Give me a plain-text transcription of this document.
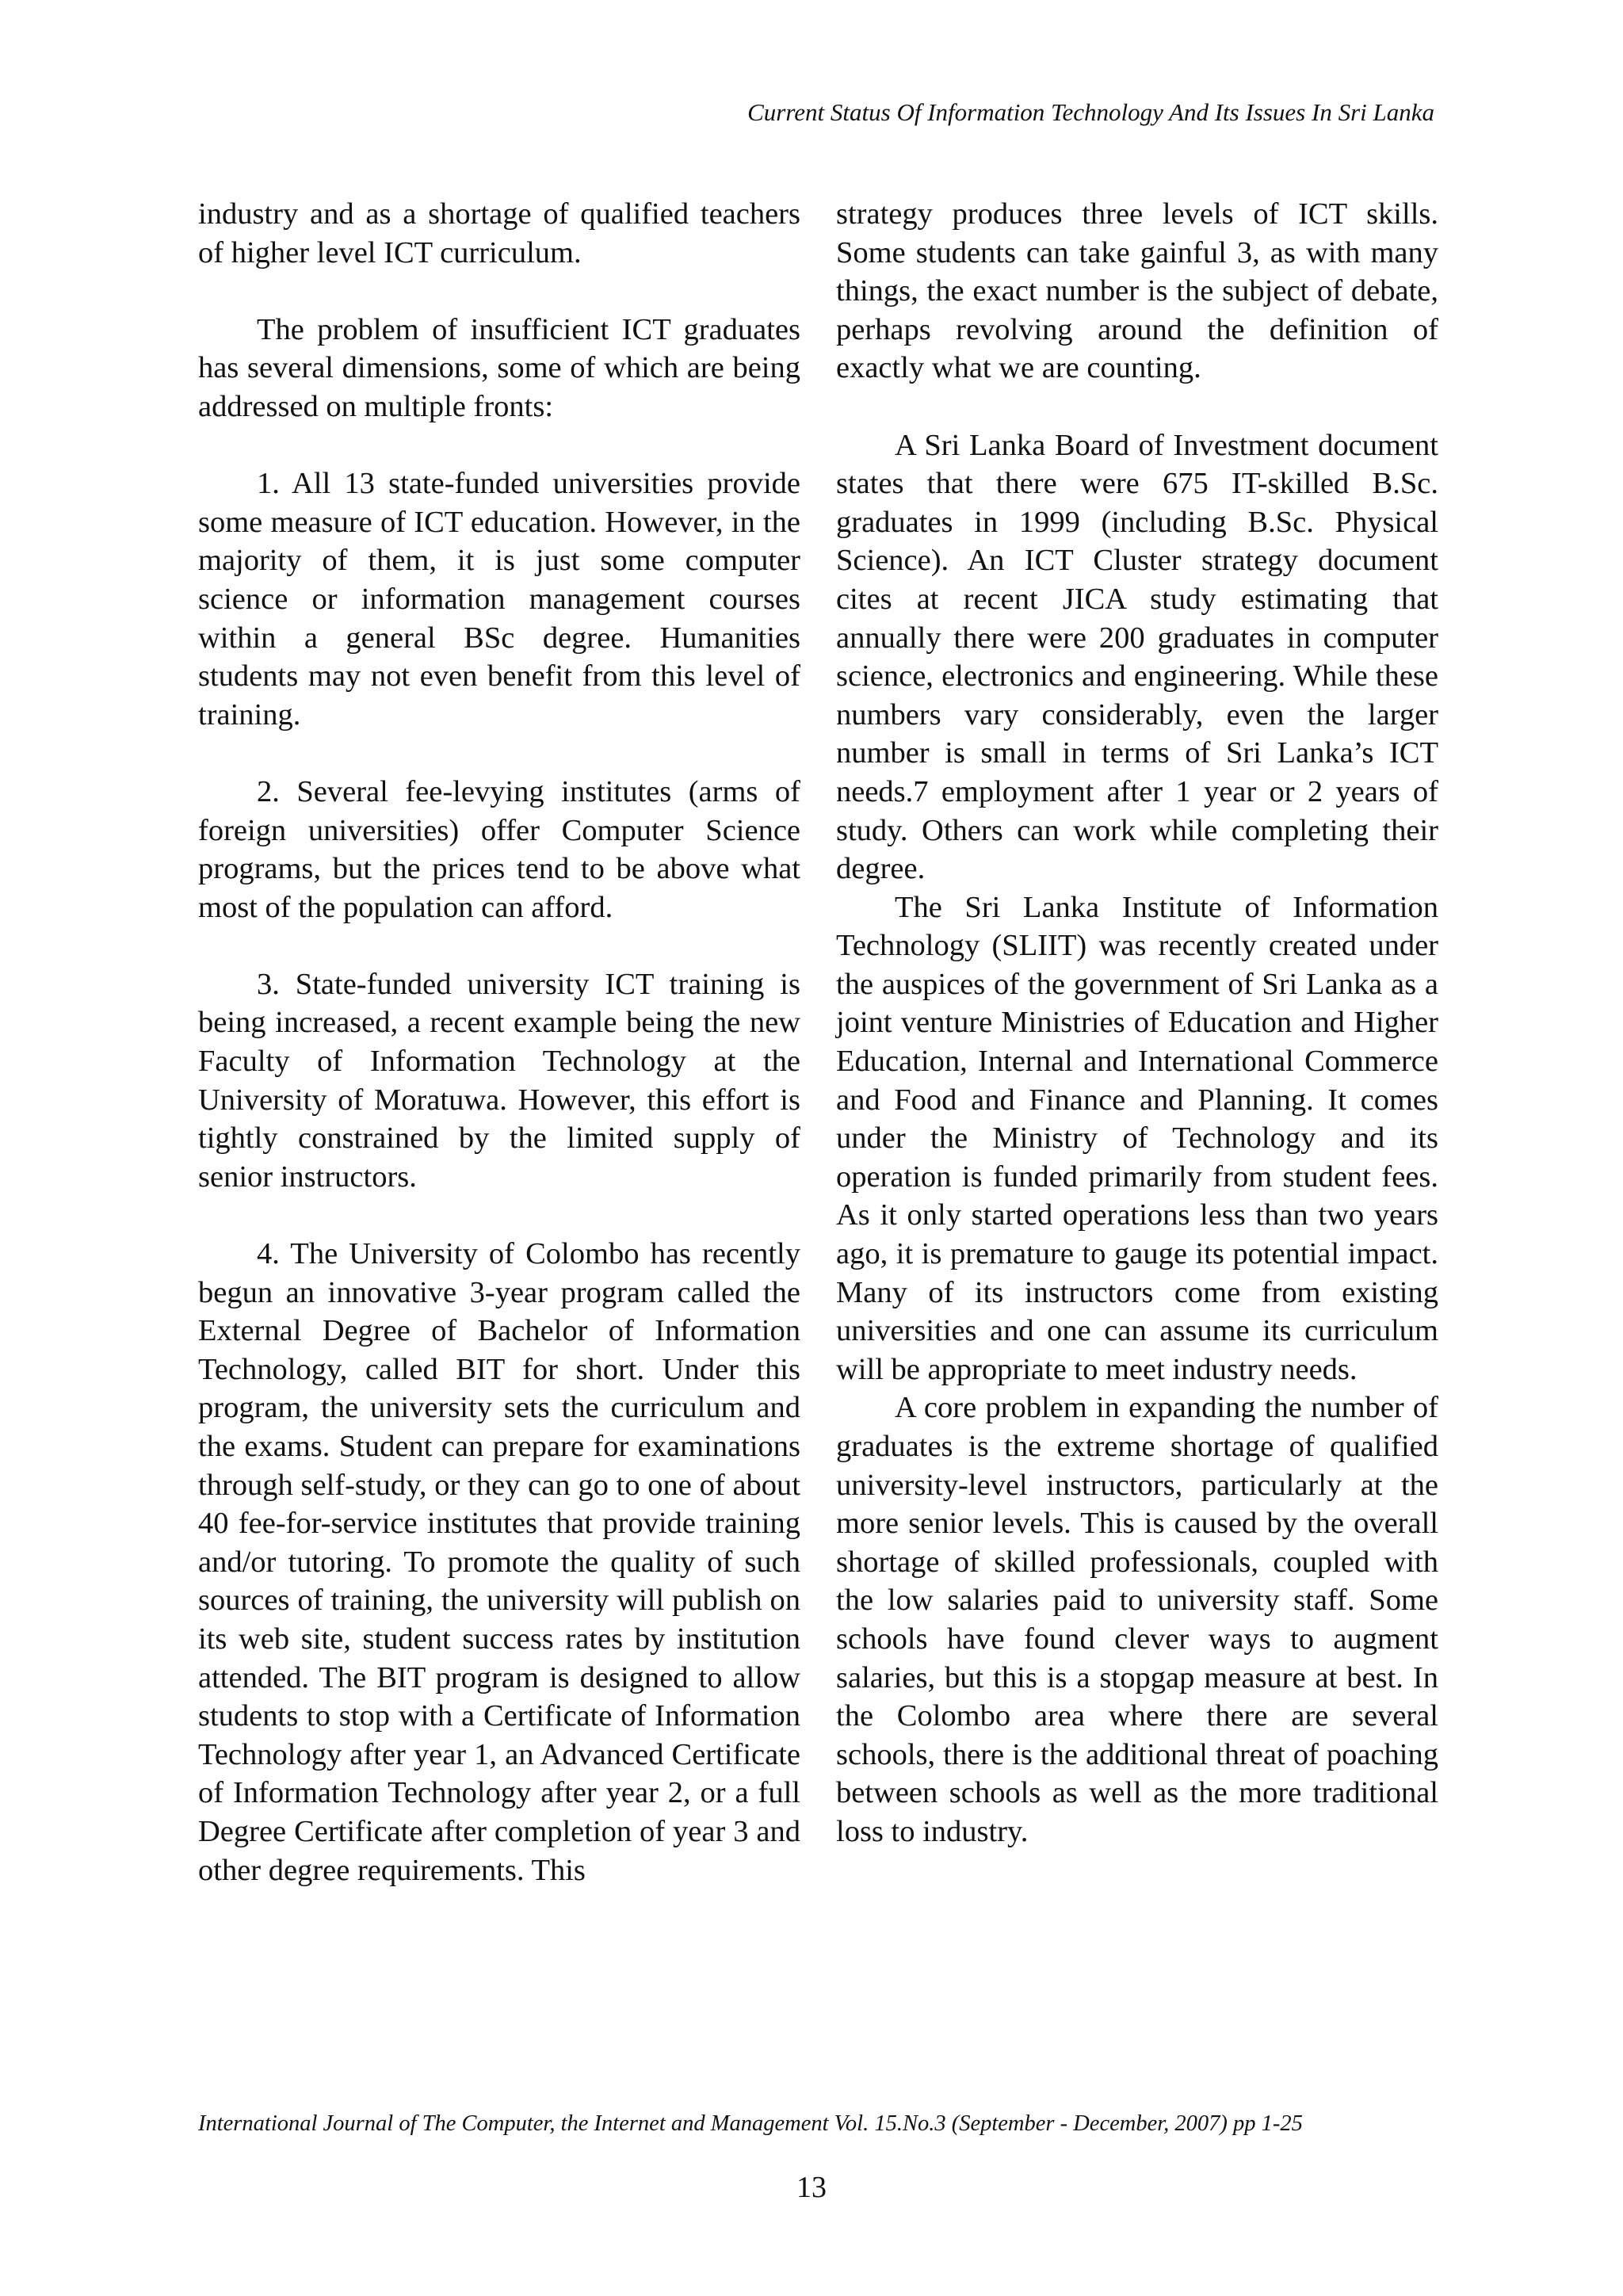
Current Status Of Information Technology And Its Issues In Sri Lanka

industry and as a shortage of qualified teachers of higher level ICT curriculum.

The problem of insufficient ICT graduates has several dimensions, some of which are being addressed on multiple fronts:

1. All 13 state-funded universities provide some measure of ICT education. However, in the majority of them, it is just some computer science or information management courses within a general BSc degree. Humanities students may not even benefit from this level of training.

2. Several fee-levying institutes (arms of foreign universities) offer Computer Science programs, but the prices tend to be above what most of the population can afford.

3. State-funded university ICT training is being increased, a recent example being the new Faculty of Information Technology at the University of Moratuwa. However, this effort is tightly constrained by the limited supply of senior instructors.

4. The University of Colombo has recently begun an innovative 3-year program called the External Degree of Bachelor of Information Technology, called BIT for short. Under this program, the university sets the curriculum and the exams. Student can prepare for examinations through self-study, or they can go to one of about 40 fee-for-service institutes that provide training and/or tutoring. To promote the quality of such sources of training, the university will publish on its web site, student success rates by institution attended. The BIT program is designed to allow students to stop with a Certificate of Information Technology after year 1, an Advanced Certificate of Information Technology after year 2, or a full Degree Certificate after completion of year 3 and other degree requirements. This

strategy produces three levels of ICT skills. Some students can take gainful 3, as with many things, the exact number is the subject of debate, perhaps revolving around the definition of exactly what we are counting.

A Sri Lanka Board of Investment document states that there were 675 IT-skilled B.Sc. graduates in 1999 (including B.Sc. Physical Science). An ICT Cluster strategy document cites at recent JICA study estimating that annually there were 200 graduates in computer science, electronics and engineering. While these numbers vary considerably, even the larger number is small in terms of Sri Lanka’s ICT needs.7 employment after 1 year or 2 years of study. Others can work while completing their degree.

The Sri Lanka Institute of Information Technology (SLIIT) was recently created under the auspices of the government of Sri Lanka as a joint venture Ministries of Education and Higher Education, Internal and International Commerce and Food and Finance and Planning. It comes under the Ministry of Technology and its operation is funded primarily from student fees. As it only started operations less than two years ago, it is premature to gauge its potential impact. Many of its instructors come from existing universities and one can assume its curriculum will be appropriate to meet industry needs.

A core problem in expanding the number of graduates is the extreme shortage of qualified university-level instructors, particularly at the more senior levels. This is caused by the overall shortage of skilled professionals, coupled with the low salaries paid to university staff. Some schools have found clever ways to augment salaries, but this is a stopgap measure at best. In the Colombo area where there are several schools, there is the additional threat of poaching between schools as well as the more traditional loss to industry.

International Journal of The Computer, the Internet and Management Vol. 15.No.3 (September - December, 2007) pp 1-25
13
